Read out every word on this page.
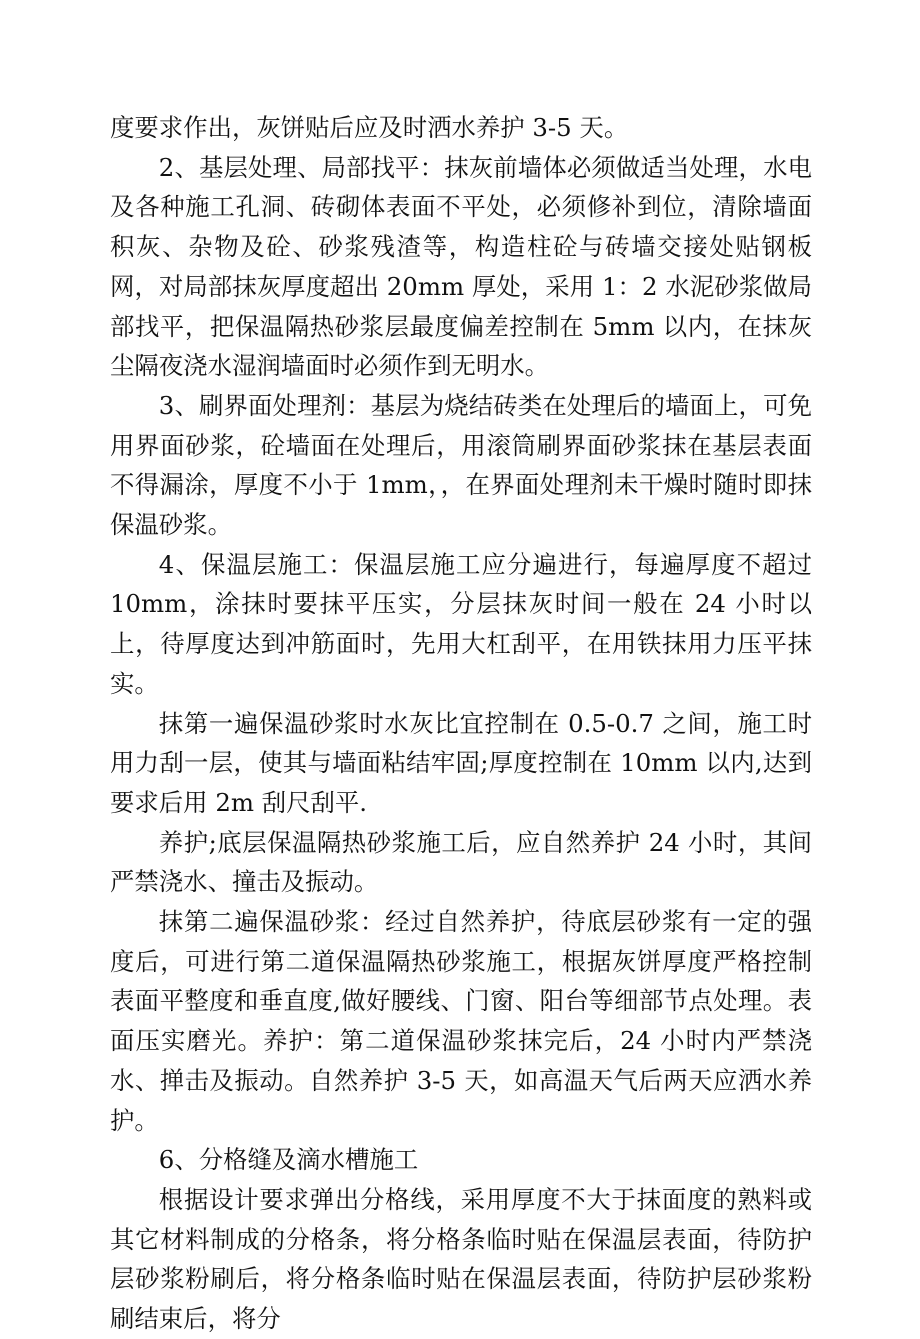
度要求作出，灰饼贴后应及时洒水养护 3-5 天。

2、基层处理、局部找平：抹灰前墙体必须做适当处理，水电及各种施工孔洞、砖砌体表面不平处，必须修补到位，清除墙面积灰、杂物及砼、砂浆残渣等，构造柱砼与砖墙交接处贴钢板网，对局部抹灰厚度超出 20mm 厚处，采用 1：2 水泥砂浆做局部找平，把保温隔热砂浆层最度偏差控制在 5mm 以内，在抹灰尘隔夜浇水湿润墙面时必须作到无明水。

3、刷界面处理剂：基层为烧结砖类在处理后的墙面上，可免用界面砂浆，砼墙面在处理后，用滚筒刷界面砂浆抹在基层表面不得漏涂，厚度不小于 1mm，，在界面处理剂未干燥时随时即抹保温砂浆。

4、保温层施工：保温层施工应分遍进行，每遍厚度不超过 10mm，涂抹时要抹平压实，分层抹灰时间一般在 24 小时以上，待厚度达到冲筋面时，先用大杠刮平，在用铁抹用力压平抹实。

抹第一遍保温砂浆时水灰比宜控制在 0.5-0.7 之间，施工时用力刮一层，使其与墙面粘结牢固;厚度控制在 10mm 以内,达到要求后用 2m 刮尺刮平.

养护;底层保温隔热砂浆施工后，应自然养护 24 小时，其间严禁浇水、撞击及振动。

抹第二遍保温砂浆：经过自然养护，待底层砂浆有一定的强度后，可进行第二道保温隔热砂浆施工，根据灰饼厚度严格控制表面平整度和垂直度,做好腰线、门窗、阳台等细部节点处理。表面压实磨光。养护：第二道保温砂浆抹完后，24 小时内严禁浇水、掸击及振动。自然养护 3-5 天，如高温天气后两天应洒水养护。

6、分格缝及滴水槽施工

根据设计要求弹出分格线，采用厚度不大于抹面度的熟料或其它材料制成的分格条，将分格条临时贴在保温层表面，待防护层砂浆粉刷后，将分格条临时贴在保温层表面，待防护层砂浆粉刷结束后，将分
